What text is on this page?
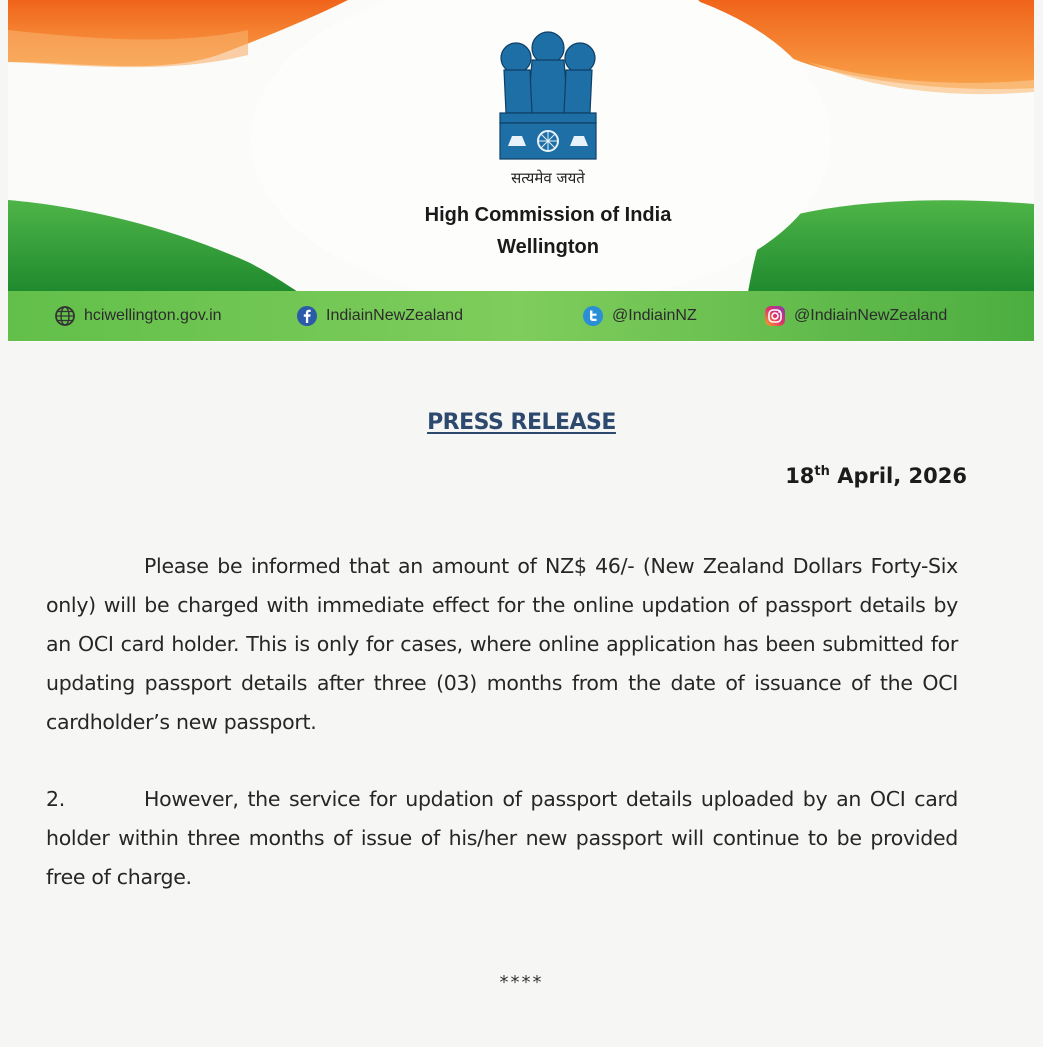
सत्यमेव जयते
High Commission of India
Wellington
hciwellington.gov.in	IndiainNewZealand	@IndiainNZ	@IndiainNewZealand
PRESS RELEASE
18th April, 2026

Please be informed that an amount of NZ$ 46/- (New Zealand Dollars Forty-Six only) will be charged with immediate effect for the online updation of passport details by an OCI card holder. This is only for cases, where online application has been submitted for updating passport details after three (03) months from the date of issuance of the OCI cardholder’s new passport.

2.	However, the service for updation of passport details uploaded by an OCI card holder within three months of issue of his/her new passport will continue to be provided free of charge.

****
